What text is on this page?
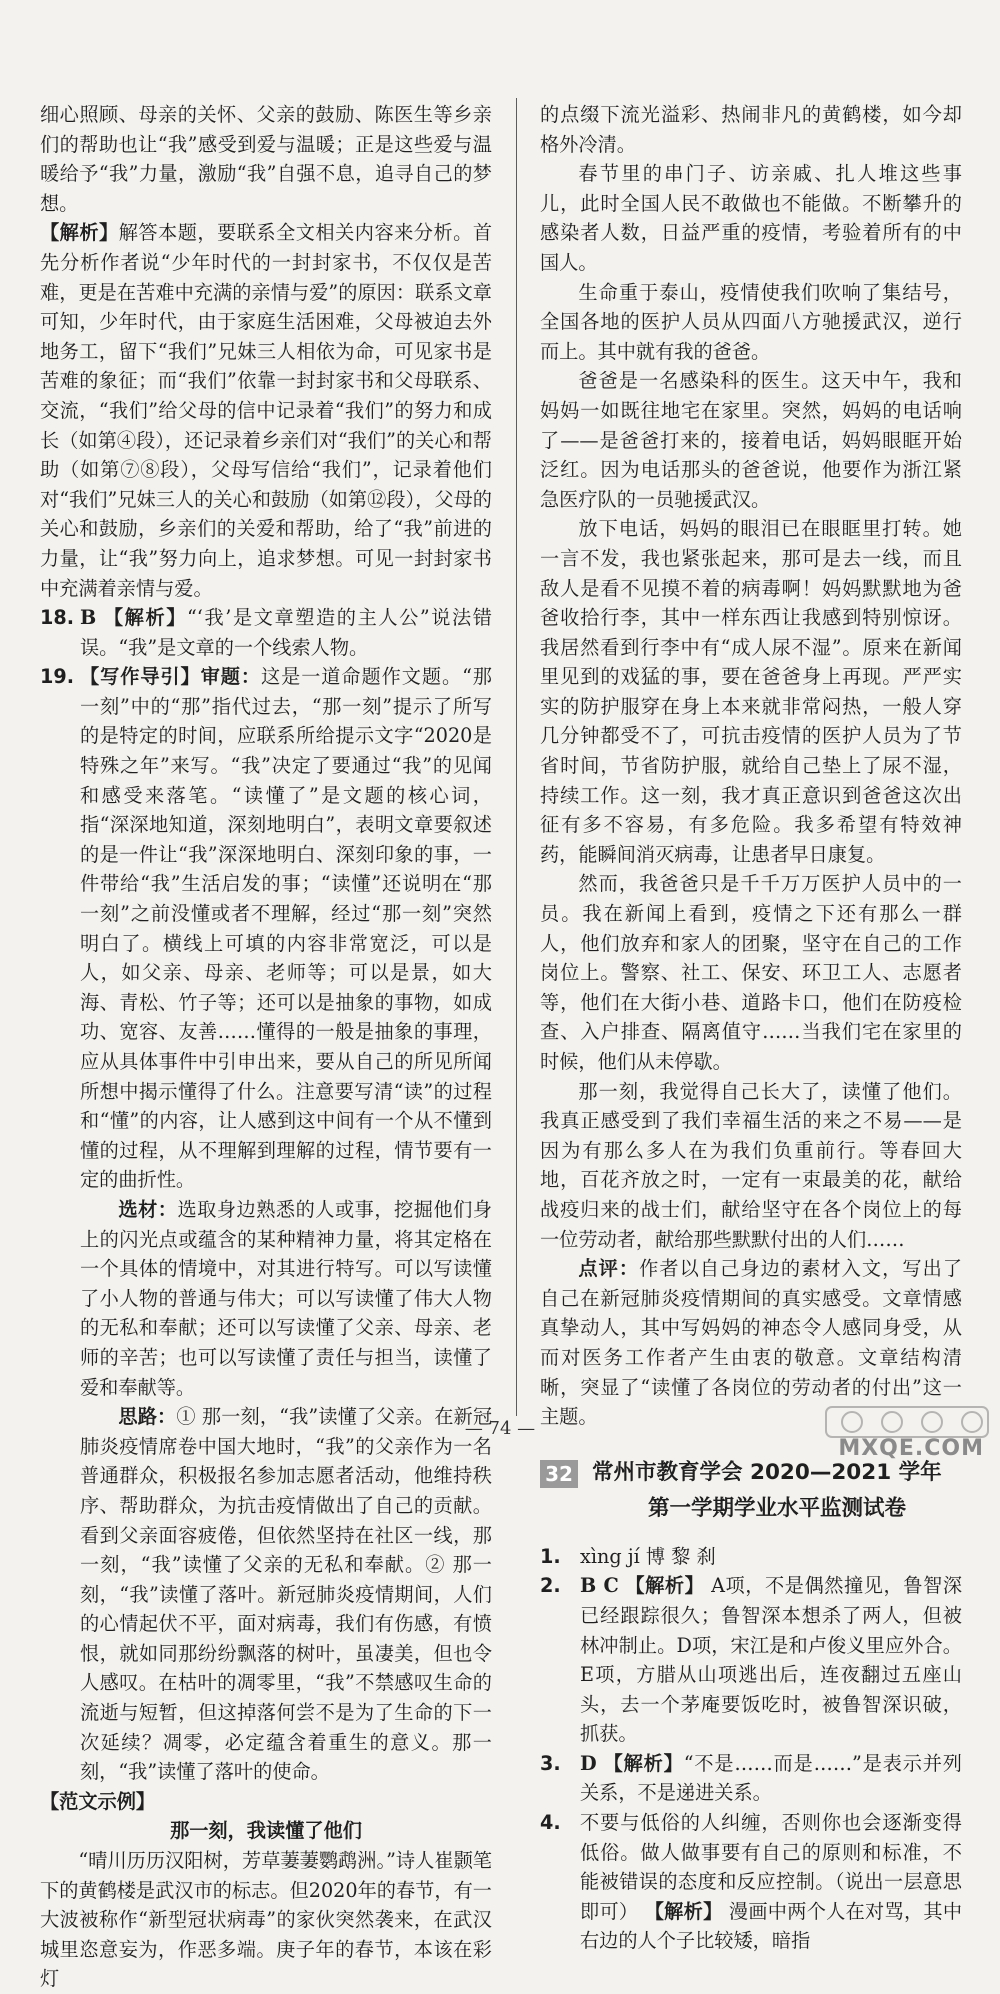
细心照顾、母亲的关怀、父亲的鼓励、陈医生等乡亲们的帮助也让“我”感受到爱与温暖；正是这些爱与温暖给予“我”力量，激励“我”自强不息，追寻自己的梦想。

【解析】解答本题，要联系全文相关内容来分析。首先分析作者说“少年时代的一封封家书，不仅仅是苦难，更是在苦难中充满的亲情与爱”的原因：联系文章可知，少年时代，由于家庭生活困难，父母被迫去外地务工，留下“我们”兄妹三人相依为命，可见家书是苦难的象征；而“我们”依靠一封封家书和父母联系、交流，“我们”给父母的信中记录着“我们”的努力和成长（如第④段），还记录着乡亲们对“我们”的关心和帮助（如第⑦⑧段），父母写信给“我们”，记录着他们对“我们”兄妹三人的关心和鼓励（如第⑫段），父母的关心和鼓励，乡亲们的关爱和帮助，给了“我”前进的力量，让“我”努力向上，追求梦想。可见一封封家书中充满着亲情与爱。

18. B 【解析】“‘我’是文章塑造的主人公”说法错误。“我”是文章的一个线索人物。
19. 【写作导引】审题：这是一道命题作文题。“那一刻”中的“那”指代过去，“那一刻”提示了所写的是特定的时间，应联系所给提示文字“2020是特殊之年”来写。“我”决定了要通过“我”的见闻和感受来落笔。“读懂了”是文题的核心词，指“深深地知道，深刻地明白”，表明文章要叙述的是一件让“我”深深地明白、深刻印象的事，一件带给“我”生活启发的事；“读懂”还说明在“那一刻”之前没懂或者不理解，经过“那一刻”突然明白了。横线上可填的内容非常宽泛，可以是人，如父亲、母亲、老师等；可以是景，如大海、青松、竹子等；还可以是抽象的事物，如成功、宽容、友善……懂得的一般是抽象的事理，应从具体事件中引申出来，要从自己的所见所闻所想中揭示懂得了什么。注意要写清“读”的过程和“懂”的内容，让人感到这中间有一个从不懂到懂的过程，从不理解到理解的过程，情节要有一定的曲折性。

选材：选取身边熟悉的人或事，挖掘他们身上的闪光点或蕴含的某种精神力量，将其定格在一个具体的情境中，对其进行特写。可以写读懂了小人物的普通与伟大；可以写读懂了伟大人物的无私和奉献；还可以写读懂了父亲、母亲、老师的辛苦；也可以写读懂了责任与担当，读懂了爱和奉献等。

思路：① 那一刻，“我”读懂了父亲。在新冠肺炎疫情席卷中国大地时，“我”的父亲作为一名普通群众，积极报名参加志愿者活动，他维持秩序、帮助群众，为抗击疫情做出了自己的贡献。看到父亲面容疲倦，但依然坚持在社区一线，那一刻，“我”读懂了父亲的无私和奉献。② 那一刻，“我”读懂了落叶。新冠肺炎疫情期间，人们的心情起伏不平，面对病毒，我们有伤感，有愤恨，就如同那纷纷飘落的树叶，虽凄美，但也令人感叹。在枯叶的凋零里，“我”不禁感叹生命的流逝与短暂，但这掉落何尝不是为了生命的下一次延续？凋零，必定蕴含着重生的意义。那一刻，“我”读懂了落叶的使命。

【范文示例】

那一刻，我读懂了他们

“晴川历历汉阳树，芳草萋萋鹦鹉洲。”诗人崔颢笔下的黄鹤楼是武汉市的标志。但2020年的春节，有一大波被称作“新型冠状病毒”的家伙突然袭来，在武汉城里恣意妄为，作恶多端。庚子年的春节，本该在彩灯

的点缀下流光溢彩、热闹非凡的黄鹤楼，如今却格外冷清。

春节里的串门子、访亲戚、扎人堆这些事儿，此时全国人民不敢做也不能做。不断攀升的感染者人数，日益严重的疫情，考验着所有的中国人。

生命重于泰山，疫情使我们吹响了集结号，全国各地的医护人员从四面八方驰援武汉，逆行而上。其中就有我的爸爸。

爸爸是一名感染科的医生。这天中午，我和妈妈一如既往地宅在家里。突然，妈妈的电话响了——是爸爸打来的，接着电话，妈妈眼眶开始泛红。因为电话那头的爸爸说，他要作为浙江紧急医疗队的一员驰援武汉。

放下电话，妈妈的眼泪已在眼眶里打转。她一言不发，我也紧张起来，那可是去一线，而且敌人是看不见摸不着的病毒啊！妈妈默默地为爸爸收拾行李，其中一样东西让我感到特别惊讶。我居然看到行李中有“成人尿不湿”。原来在新闻里见到的戏猛的事，要在爸爸身上再现。严严实实的防护服穿在身上本来就非常闷热，一般人穿几分钟都受不了，可抗击疫情的医护人员为了节省时间，节省防护服，就给自己垫上了尿不湿，持续工作。这一刻，我才真正意识到爸爸这次出征有多不容易，有多危险。我多希望有特效神药，能瞬间消灭病毒，让患者早日康复。

然而，我爸爸只是千千万万医护人员中的一员。我在新闻上看到，疫情之下还有那么一群人，他们放弃和家人的团聚，坚守在自己的工作岗位上。警察、社工、保安、环卫工人、志愿者等，他们在大街小巷、道路卡口，他们在防疫检查、入户排查、隔离值守……当我们宅在家里的时候，他们从未停歇。

那一刻，我觉得自己长大了，读懂了他们。我真正感受到了我们幸福生活的来之不易——是因为有那么多人在为我们负重前行。等春回大地，百花齐放之时，一定有一束最美的花，献给战疫归来的战士们，献给坚守在各个岗位上的每一位劳动者，献给那些默默付出的人们……

点评：作者以自己身边的素材入文，写出了自己在新冠肺炎疫情期间的真实感受。文章情感真挚动人，其中写妈妈的神态令人感同身受，从而对医务工作者产生由衷的敬意。文章结构清晰，突显了“读懂了各岗位的劳动者的付出”这一主题。

32 常州市教育学会 2020—2021 学年
第一学期学业水平监测试卷
1. xìng jí 博 黎 刹
2. B C 【解析】 A项，不是偶然撞见，鲁智深已经跟踪很久；鲁智深本想杀了两人，但被林冲制止。D项，宋江是和卢俊义里应外合。E项，方腊从山项逃出后，连夜翻过五座山头，去一个茅庵要饭吃时，被鲁智深识破，抓获。
3. D 【解析】“不是……而是……”是表示并列关系，不是递进关系。
4. 不要与低俗的人纠缠，否则你也会逐渐变得低俗。做人做事要有自己的原则和标准，不能被错误的态度和反应控制。（说出一层意思即可） 【解析】 漫画中两个人在对骂，其中右边的人个子比较矮，暗指
— 74 —
MXQE.COM
